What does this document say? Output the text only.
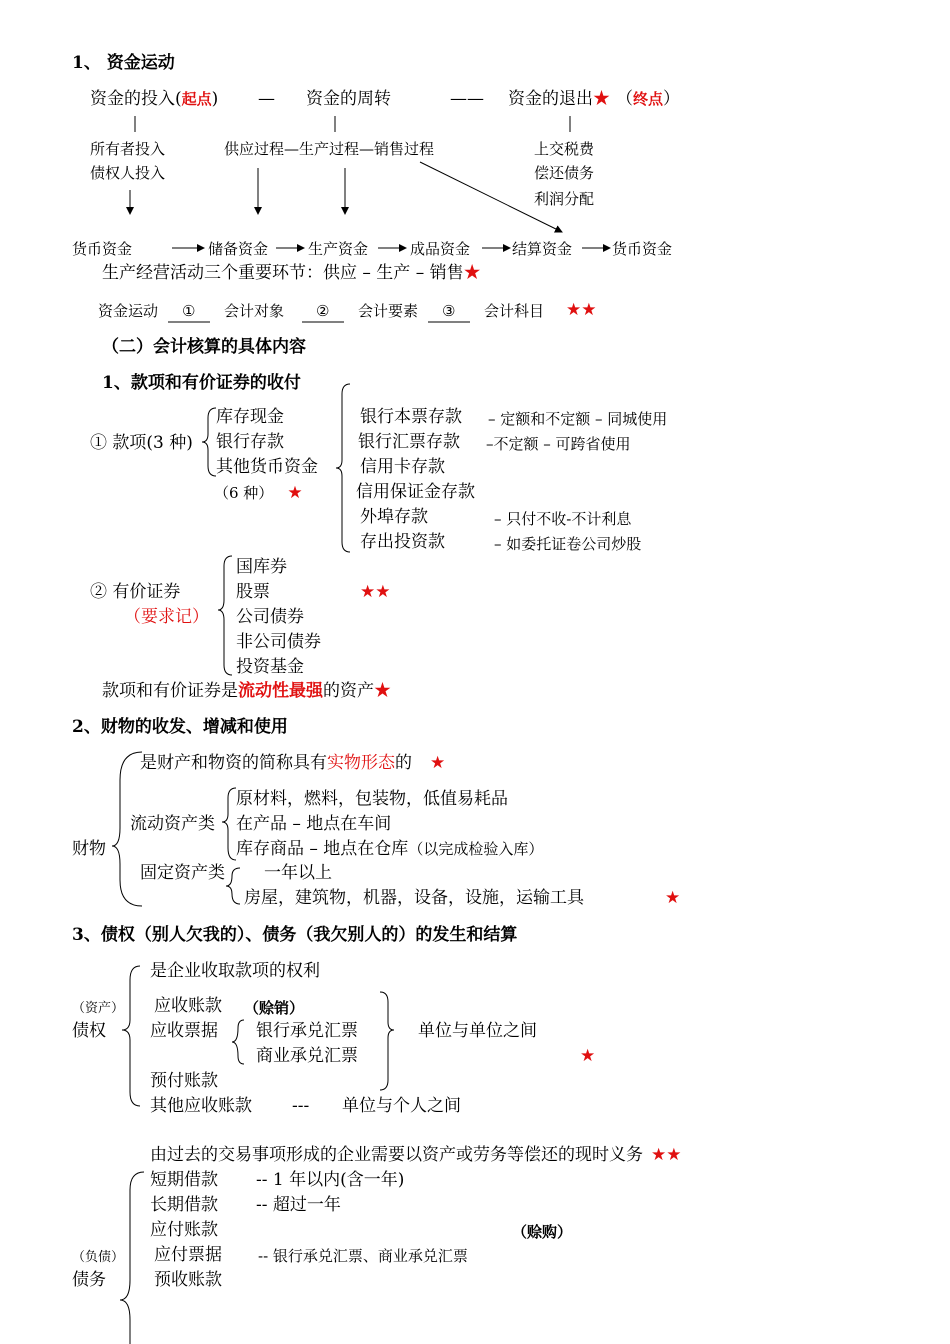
1、 资金运动
资金的投入(起点) — 资金的周转	—— 资金的退出★ （终点）
所有者投入
债权人投入
供应过程—生产过程—销售过程	上交税费
偿还债务
利润分配
货币资金	储备资金	生产资金	成品资金	结算资金	货币资金
生产经营活动三个重要环节：供应 – 生产 – 销售★
资金运动 ① 会计对象 ② 会计要素 ③ 会计科目 ★★
（二）会计核算的具体内容
1、款项和有价证券的收付
① 款项(3 种)
库存现金
银行存款
其他货币资金
（6 种） ★
银行本票存款 – 定额和不定额 – 同城使用
银行汇票存款 –不定额 – 可跨省使用
信用卡存款
信用保证金存款
外埠存款	– 只付不收-不计利息
存出投资款	– 如委托证卷公司炒股
② 有价证券
（要求记）
国库券
股票	★★
公司债券
非公司债券
投资基金
款项和有价证券是流动性最强的资产★
2、财物的收发、增减和使用
是财产和物资的简称具有实物形态的 ★
财物
流动资产类
原材料，燃料，包装物，低值易耗品
在产品 – 地点在车间
库存商品 – 地点在仓库（以完成检验入库）
固定资产类 一年以上
房屋，建筑物，机器，设备，设施，运输工具	★
3、债权（别人欠我的）、债务（我欠别人的）的发生和结算
是企业收取款项的权利
（资产）
债权
应收账款 （赊销）
应收票据 银行承兑汇票
商业承兑汇票
单位与单位之间
★
预付账款
其他应收账款 --- 单位与个人之间
由过去的交易事项形成的企业需要以资产或劳务等偿还的现时义务 ★★
短期借款 -- 1 年以内(含一年)
长期借款 -- 超过一年
应付账款	（赊购）
（负债） 应付票据 -- 银行承兑汇票、商业承兑汇票
债务	预收账款
